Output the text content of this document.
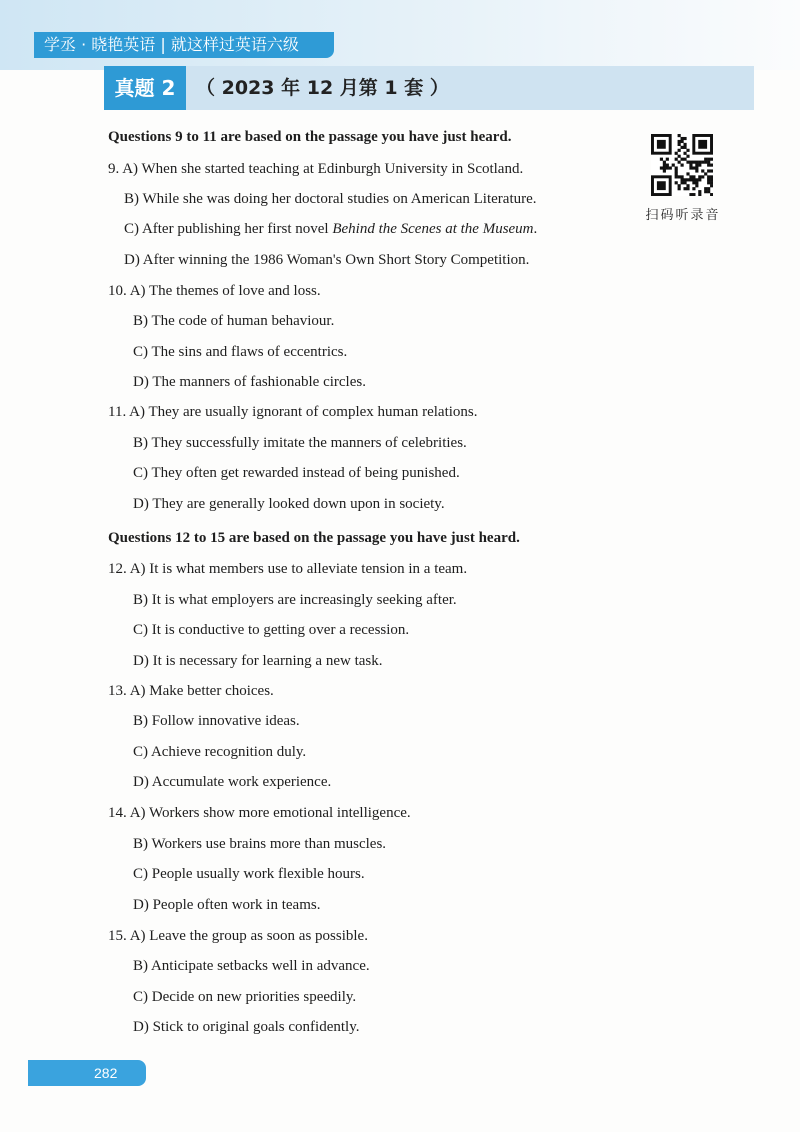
学丞 · 晓艳英语 | 就这样过英语六级
真题 2	（ 2023 年 12 月第 1 套 ）
扫码听录音
Questions 9 to 11 are based on the passage you have just heard.
9. A) When she started teaching at Edinburgh University in Scotland.
B) While she was doing her doctoral studies on American Literature.
C) After publishing her first novel Behind the Scenes at the Museum.
D) After winning the 1986 Woman's Own Short Story Competition.
10. A) The themes of love and loss.
B) The code of human behaviour.
C) The sins and flaws of eccentrics.
D) The manners of fashionable circles.
11. A) They are usually ignorant of complex human relations.
B) They successfully imitate the manners of celebrities.
C) They often get rewarded instead of being punished.
D) They are generally looked down upon in society.
Questions 12 to 15 are based on the passage you have just heard.
12. A) It is what members use to alleviate tension in a team.
B) It is what employers are increasingly seeking after.
C) It is conductive to getting over a recession.
D) It is necessary for learning a new task.
13. A) Make better choices.
B) Follow innovative ideas.
C) Achieve recognition duly.
D) Accumulate work experience.
14. A) Workers show more emotional intelligence.
B) Workers use brains more than muscles.
C) People usually work flexible hours.
D) People often work in teams.
15. A) Leave the group as soon as possible.
B) Anticipate setbacks well in advance.
C) Decide on new priorities speedily.
D) Stick to original goals confidently.
282
